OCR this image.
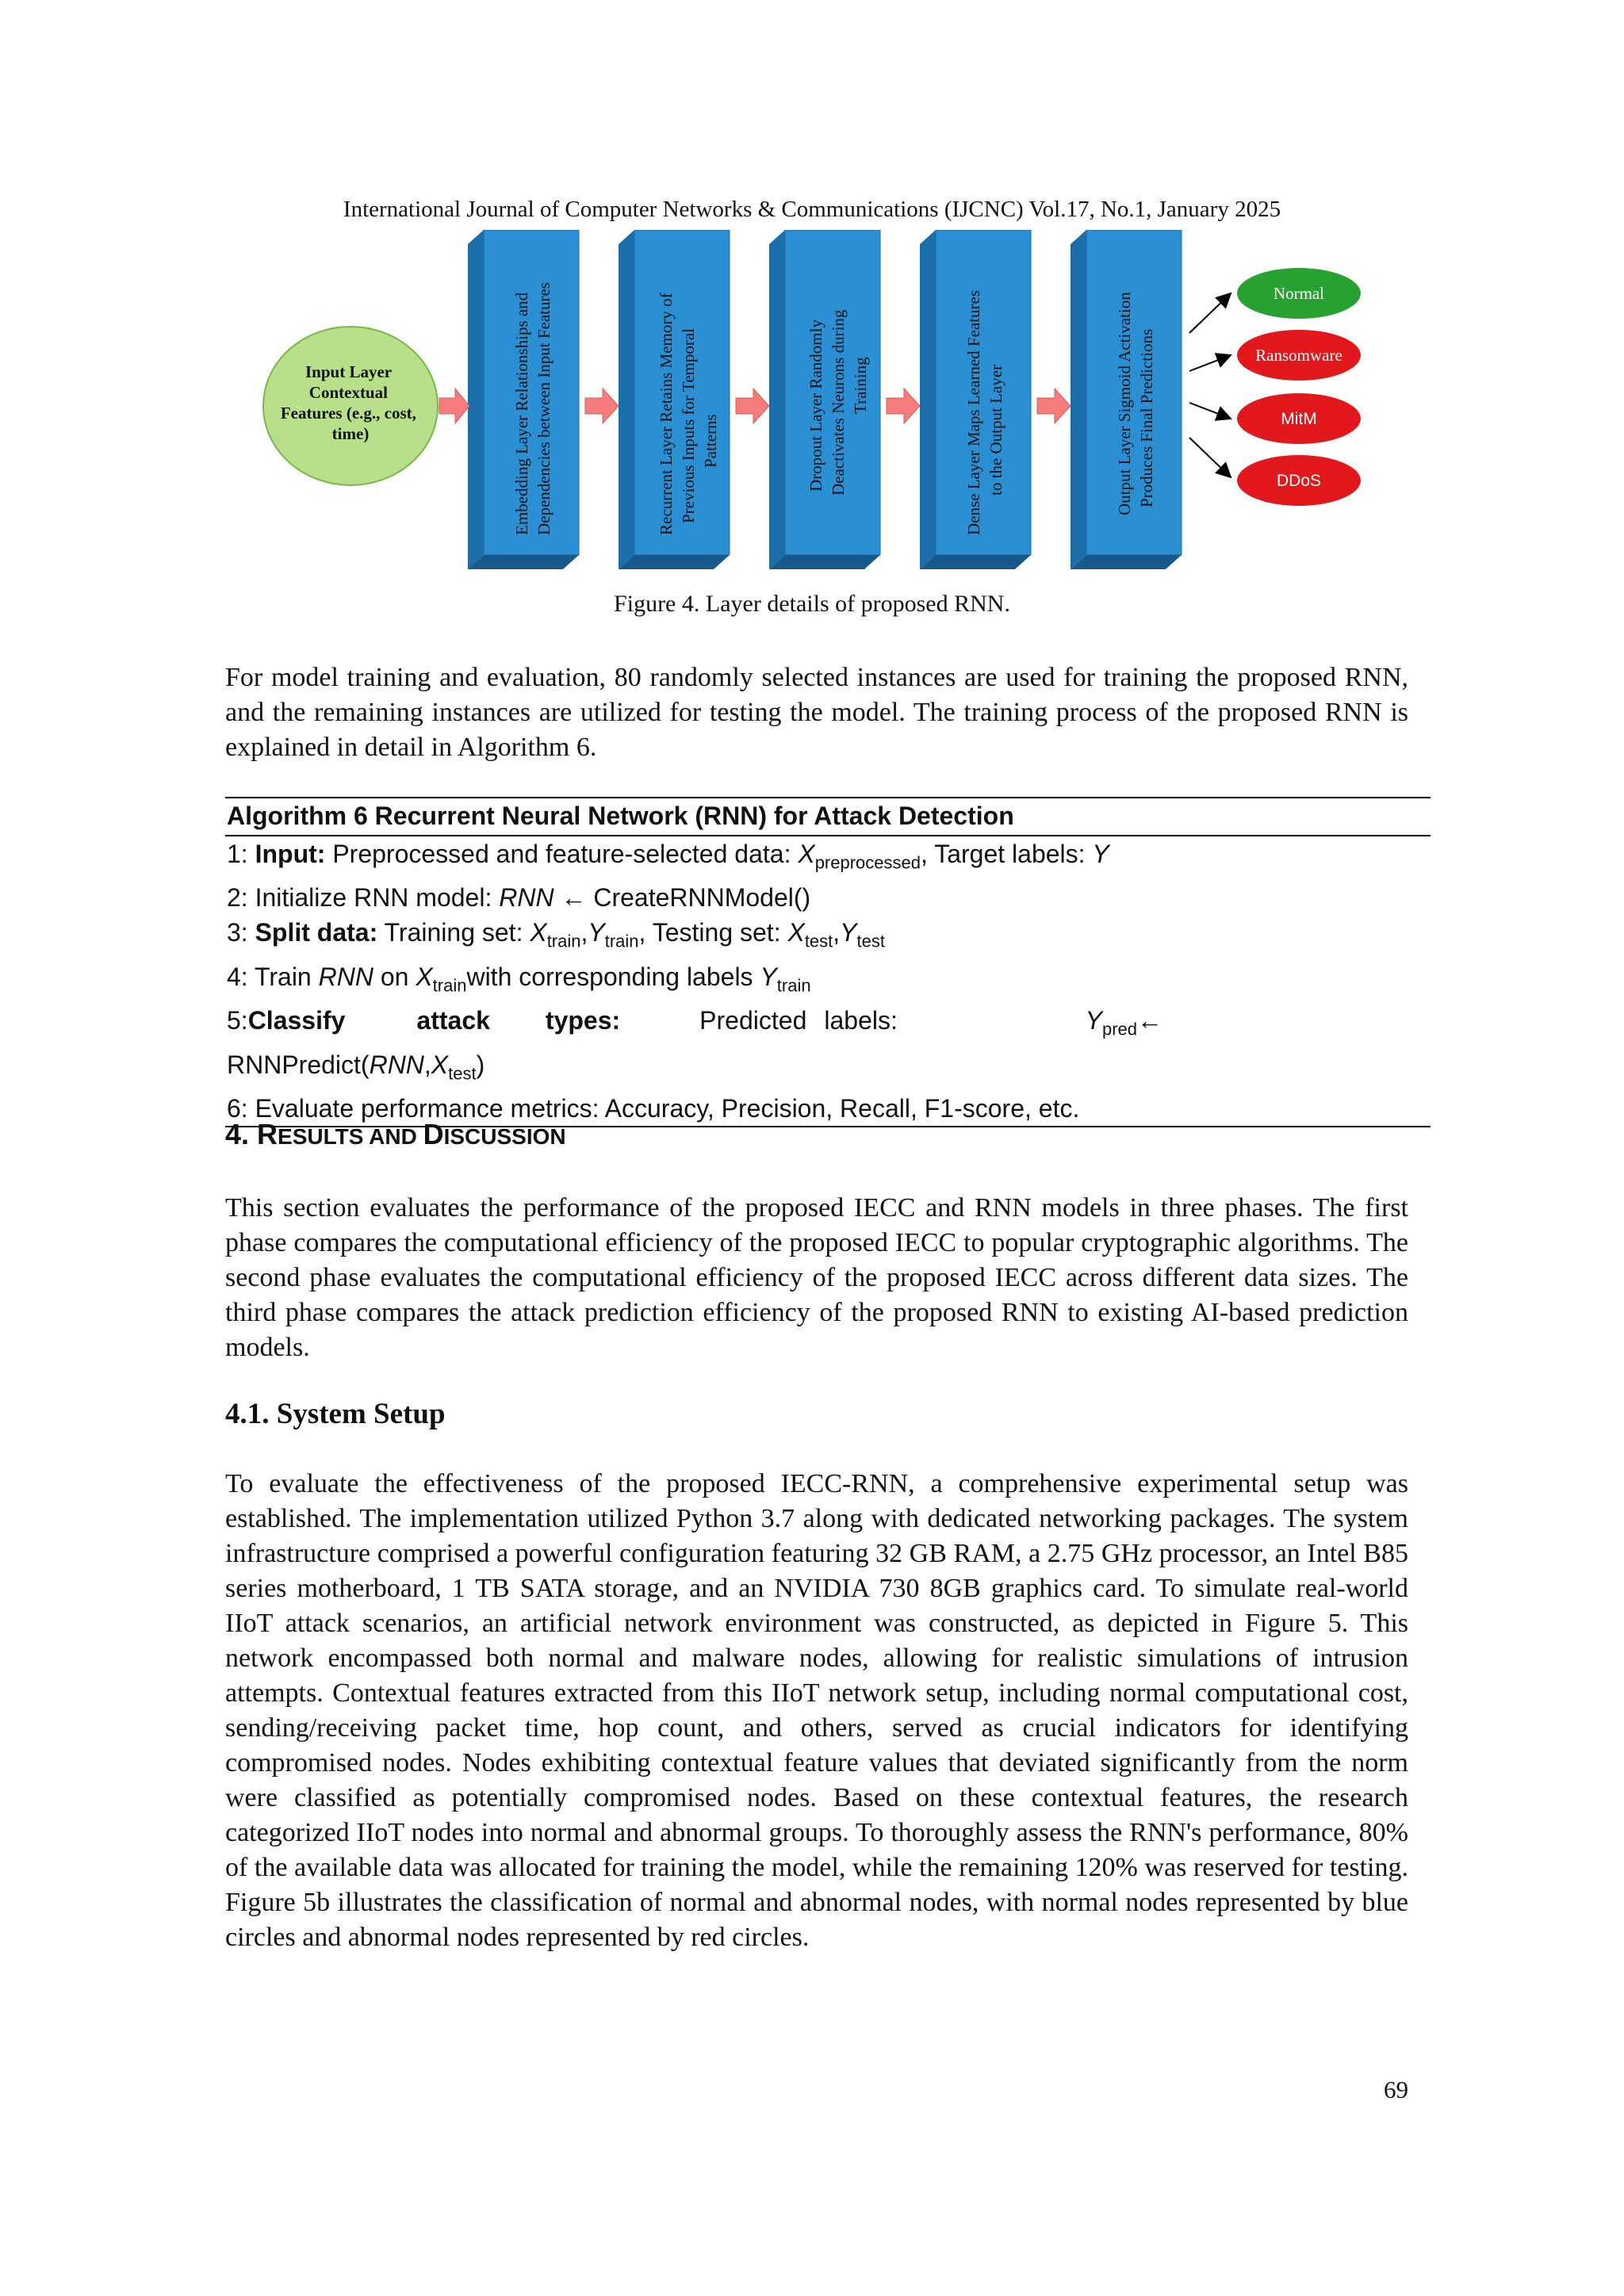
International Journal of Computer Networks & Communications (IJCNC) Vol.17, No.1, January 2025
Input Layer Contextual Features (e.g., cost, time)	Embedding Layer Relationships and Dependencies between Input Features	Recurrent Layer Retains Memory of Previous Inputs for Temporal Patterns	Dropout Layer Randomly Deactivates Neurons during Training	Dense Layer Maps Learned Features to the Output Layer	Output Layer Sigmoid Activation Produces Final Predictions
Normal
Ransomware
MitM
DDoS
Figure 4. Layer details of proposed RNN.

For model training and evaluation, 80 randomly selected instances are used for training the proposed RNN, and the remaining instances are utilized for testing the model. The training process of the proposed RNN is explained in detail in Algorithm 6.

Algorithm 6 Recurrent Neural Network (RNN) for Attack Detection
1: Input: Preprocessed and feature-selected data: $X_{preprocessed}$, Target labels: Y
2: Initialize RNN model: RNN ← CreateRNNModel()
3: Split data: Training set: $X_{train},Y_{train}$, Testing set: $X_{test},Y_{test}$
4: Train RNN on $X_{train}with$ corresponding labels $Y_{train}$
5: Classify	attack types:	Predicted labels:	$Y_{pred}\leftarrow$
$RNNPredict(RNN,X_{test})$
6: Evaluate performance metrics: Accuracy, Precision, Recall, F1-score, etc.
4. RESULTS AND DISCUSSION

This section evaluates the performance of the proposed IECC and RNN models in three phases. The first phase compares the computational efficiency of the proposed IECC to popular cryptographic algorithms. The second phase evaluates the computational efficiency of the proposed IECC across different data sizes. The third phase compares the attack prediction efficiency of the proposed RNN to existing AI-based prediction models.

4.1. System Setup

To evaluate the effectiveness of the proposed IECC-RNN, a comprehensive experimental setup was established. The implementation utilized Python 3.7 along with dedicated networking packages. The system infrastructure comprised a powerful configuration featuring 32 GB RAM, a 2.75 GHz processor, an Intel B85 series motherboard, 1 TB SATA storage, and an NVIDIA 730 8GB graphics card. To simulate real-world IIoT attack scenarios, an artificial network environment was constructed, as depicted in Figure 5. This network encompassed both normal and malware nodes, allowing for realistic simulations of intrusion attempts. Contextual features extracted from this IIoT network setup, including normal computational cost, sending/receiving packet time, hop count, and others, served as crucial indicators for identifying compromised nodes. Nodes exhibiting contextual feature values that deviated significantly from the norm were classified as potentially compromised nodes. Based on these contextual features, the research categorized IIoT nodes into normal and abnormal groups. To thoroughly assess the RNN's performance, 80% of the available data was allocated for training the model, while the remaining 120% was reserved for testing. Figure 5b illustrates the classification of normal and abnormal nodes, with normal nodes represented by blue circles and abnormal nodes represented by red circles.

69
